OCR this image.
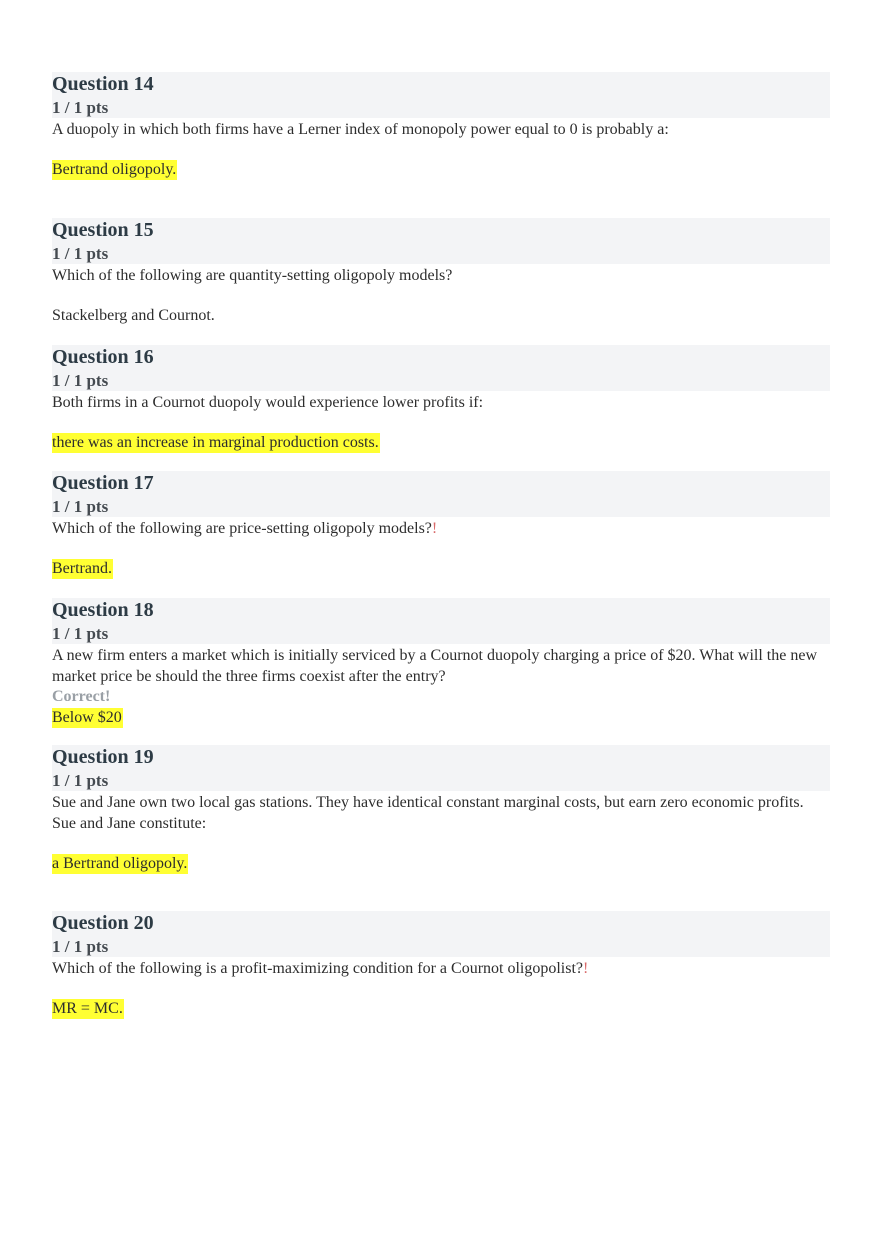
Question 14
1 / 1 pts

A duopoly in which both firms have a Lerner index of monopoly power equal to 0 is probably a:

Bertrand oligopoly.
Question 15
1 / 1 pts

Which of the following are quantity-setting oligopoly models?

Stackelberg and Cournot.
Question 16
1 / 1 pts

Both firms in a Cournot duopoly would experience lower profits if:

there was an increase in marginal production costs.
Question 17
1 / 1 pts

Which of the following are price-setting oligopoly models?!

Bertrand.
Question 18
1 / 1 pts

A new firm enters a market which is initially serviced by a Cournot duopoly charging a price of $20. What will the new market price be should the three firms coexist after the entry?

Correct!
Below $20
Question 19
1 / 1 pts

Sue and Jane own two local gas stations. They have identical constant marginal costs, but earn zero economic profits. Sue and Jane constitute:

a Bertrand oligopoly.
Question 20
1 / 1 pts

Which of the following is a profit-maximizing condition for a Cournot oligopolist?!

MR = MC.
